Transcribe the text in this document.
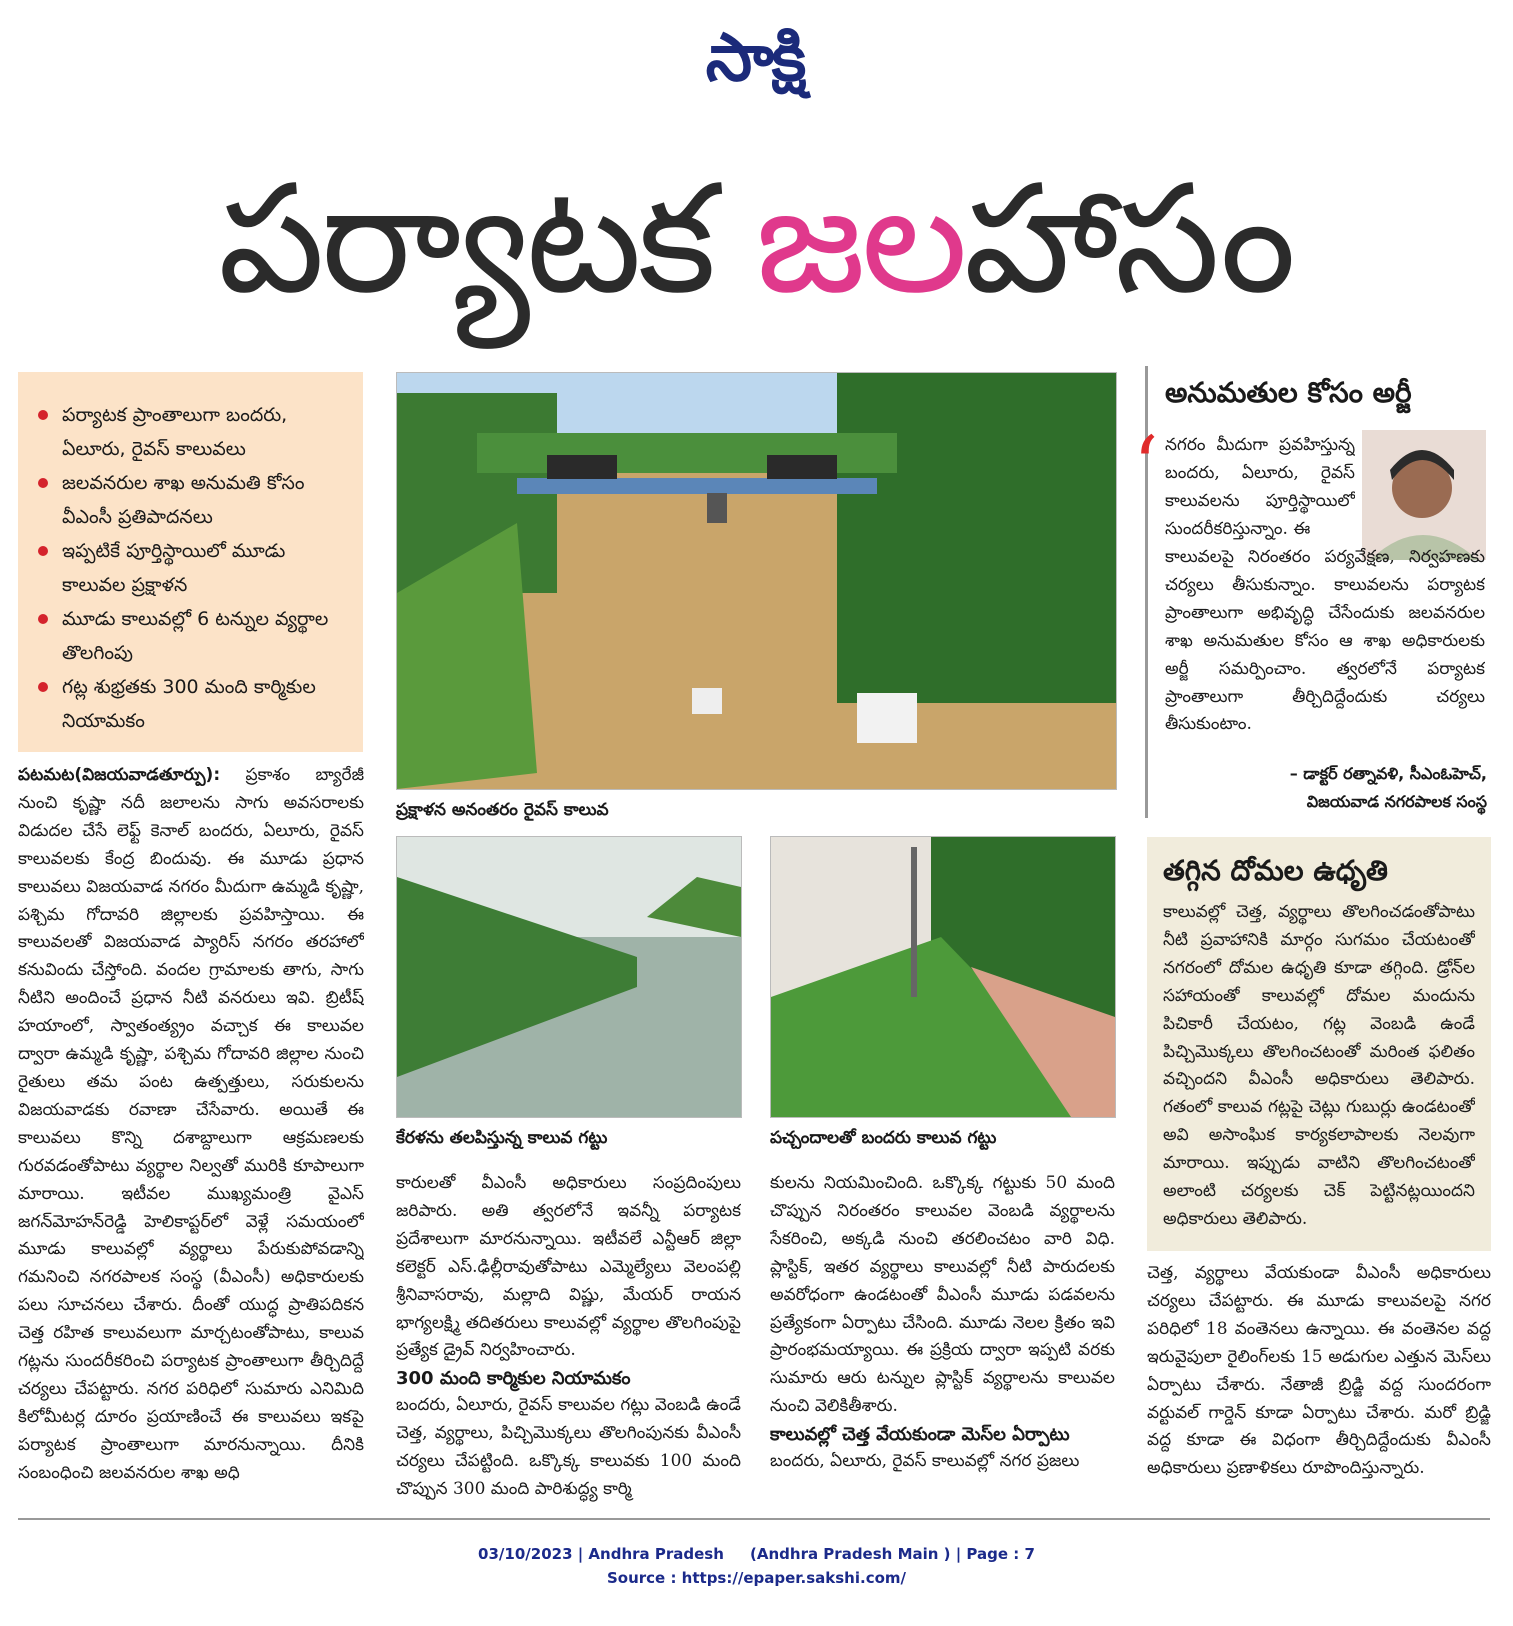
సాక్షి
పర్యాటక జలహాసం
పర్యాటక ప్రాంతాలుగా బందరు, ఏలూరు, రైవస్ కాలువలు
జలవనరుల శాఖ అనుమతి కోసం వీఎంసీ ప్రతిపాదనలు
ఇప్పటికే పూర్తిస్థాయిలో మూడు కాలువల ప్రక్షాళన
మూడు కాలువల్లో 6 టన్నుల వ్యర్థాల తొలగింపు
గట్ల శుభ్రతకు 300 మంది కార్మికుల నియామకం
పటమట(విజయవాడతూర్పు): ప్రకాశం బ్యారేజీ నుంచి కృష్ణా నదీ జలాలను సాగు అవసరాలకు విడుదల చేసే లెఫ్ట్ కెనాల్ బందరు, ఏలూరు, రైవస్ కాలువలకు కేంద్ర బిందువు. ఈ మూడు ప్రధాన కాలువలు విజయవాడ నగరం మీదుగా ఉమ్మడి కృష్ణా, పశ్చిమ గోదావరి జిల్లాలకు ప్రవహిస్తాయి. ఈ కాలువలతో విజయవాడ ప్యారిస్ నగరం తరహాలో కనువిందు చేస్తోంది. వందల గ్రామాలకు తాగు, సాగు నీటిని అందించే ప్రధాన నీటి వనరులు ఇవి. బ్రిటీష్ హయాంలో, స్వాతంత్య్రం వచ్చాక ఈ కాలువల ద్వారా ఉమ్మడి కృష్ణా, పశ్చిమ గోదావరి జిల్లాల నుంచి రైతులు తమ పంట ఉత్పత్తులు, సరుకులను విజయవాడకు రవాణా చేసేవారు. అయితే ఈ కాలువలు కొన్ని దశాబ్దాలుగా ఆక్రమణలకు గురవడంతోపాటు వ్యర్థాల నిల్వతో మురికి కూపాలుగా మారాయి. ఇటీవల ముఖ్యమంత్రి వైఎస్ జగన్‌మోహన్‌రెడ్డి హెలికాప్టర్‌లో వెళ్లే సమయంలో మూడు కాలువల్లో వ్యర్థాలు పేరుకుపోవడాన్ని గమనించి నగరపాలక సంస్థ (వీఎంసీ) అధికారులకు పలు సూచనలు చేశారు. దీంతో యుద్ధ ప్రాతిపదికన చెత్త రహిత కాలువలుగా మార్చటంతోపాటు, కాలువ గట్లను సుందరీకరించి పర్యాటక ప్రాంతాలుగా తీర్చిదిద్దే చర్యలు చేపట్టారు. నగర పరిధిలో సుమారు ఎనిమిది కిలోమీటర్ల దూరం ప్రయాణించే ఈ కాలువలు ఇకపై పర్యాటక ప్రాంతాలుగా మారనున్నాయి. దీనికి సంబంధించి జలవనరుల శాఖ అధి
ప్రక్షాళన అనంతరం రైవస్ కాలువ
కేరళను తలపిస్తున్న కాలువ గట్టు	పచ్చందాలతో బందరు కాలువ గట్టు
కారులతో వీఎంసీ అధికారులు సంప్రదింపులు జరిపారు. అతి త్వరలోనే ఇవన్నీ పర్యాటక ప్రదేశాలుగా మారనున్నాయి. ఇటీవలే ఎన్టీఆర్ జిల్లా కలెక్టర్ ఎస్.ఢిల్లీరావుతోపాటు ఎమ్మెల్యేలు వెలంపల్లి శ్రీనివాసరావు, మల్లాది విష్ణు, మేయర్ రాయన భాగ్యలక్ష్మి తదితరులు కాలువల్లో వ్యర్థాల తొలగింపుపై ప్రత్యేక డ్రైవ్ నిర్వహించారు.
300 మంది కార్మికుల నియామకం
బందరు, ఏలూరు, రైవస్ కాలువల గట్లు వెంబడి ఉండే చెత్త, వ్యర్థాలు, పిచ్చిమొక్కలు తొలగింపునకు వీఎంసీ చర్యలు చేపట్టింది. ఒక్కొక్క కాలువకు 100 మంది చొప్పున 300 మంది పారిశుద్ధ్య కార్మి
కులను నియమించింది. ఒక్కొక్క గట్టుకు 50 మంది చొప్పున నిరంతరం కాలువల వెంబడి వ్యర్థాలను సేకరించి, అక్కడి నుంచి తరలించటం వారి విధి. ప్లాస్టిక్, ఇతర వ్యర్థాలు కాలువల్లో నీటి పారుదలకు అవరోధంగా ఉండటంతో వీఎంసీ మూడు పడవలను ప్రత్యేకంగా ఏర్పాటు చేసింది. మూడు నెలల క్రితం ఇవి ప్రారంభమయ్యాయి. ఈ ప్రక్రియ ద్వారా ఇప్పటి వరకు సుమారు ఆరు టన్నుల ప్లాస్టిక్ వ్యర్థాలను కాలువల నుంచి వెలికితీశారు.
కాలువల్లో చెత్త వేయకుండా మెస్‌ల ఏర్పాటు
బందరు, ఏలూరు, రైవస్ కాలువల్లో నగర ప్రజలు
అనుమతుల కోసం అర్జీ
‘ నగరం మీదుగా ప్రవహిస్తున్న బందరు, ఏలూరు, రైవస్ కాలువలను పూర్తిస్థాయిలో సుందరీకరిస్తున్నాం. ఈ
కాలువలపై నిరంతరం పర్యవేక్షణ, నిర్వహణకు చర్యలు తీసుకున్నాం. కాలువలను పర్యాటక ప్రాంతాలుగా అభివృద్ధి చేసేందుకు జలవనరుల శాఖ అనుమతుల కోసం ఆ శాఖ అధికారులకు అర్జీ సమర్పించాం. త్వరలోనే పర్యాటక ప్రాంతాలుగా తీర్చిదిద్దేందుకు చర్యలు తీసుకుంటాం.
– డాక్టర్ రత్నావళి, సీఎంఓహెచ్,
విజయవాడ నగరపాలక సంస్థ
తగ్గిన దోమల ఉధృతి
కాలువల్లో చెత్త, వ్యర్థాలు తొలగించడంతోపాటు నీటి ప్రవాహానికి మార్గం సుగమం చేయటంతో నగరంలో దోమల ఉధృతి కూడా తగ్గింది. డ్రోన్‌ల సహాయంతో కాలువల్లో దోమల మందును పిచికారీ చేయటం, గట్ల వెంబడి ఉండే పిచ్చిమొక్కలు తొలగించటంతో మరింత ఫలితం వచ్చిందని వీఎంసీ అధికారులు తెలిపారు. గతంలో కాలువ గట్లపై చెట్లు గుబుర్లు ఉండటంతో అవి అసాంఘిక కార్యకలాపాలకు నెలవుగా మారాయి. ఇప్పుడు వాటిని తొలగించటంతో అలాంటి చర్యలకు చెక్ పెట్టినట్లయిందని అధికారులు తెలిపారు.
చెత్త, వ్యర్థాలు వేయకుండా వీఎంసీ అధికారులు చర్యలు చేపట్టారు. ఈ మూడు కాలువలపై నగర పరిధిలో 18 వంతెనలు ఉన్నాయి. ఈ వంతెనల వద్ద ఇరువైపులా రైలింగ్‌లకు 15 అడుగుల ఎత్తున మెస్‌లు ఏర్పాటు చేశారు. నేతాజీ బ్రిడ్జి వద్ద సుందరంగా వర్టువల్ గార్డెన్ కూడా ఏర్పాటు చేశారు. మరో బ్రిడ్జి వద్ద కూడా ఈ విధంగా తీర్చిదిద్దేందుకు వీఎంసీ అధికారులు ప్రణాళికలు రూపొందిస్తున్నారు.
03/10/2023 | Andhra Pradesh     (Andhra Pradesh Main ) | Page : 7
Source : https://epaper.sakshi.com/
